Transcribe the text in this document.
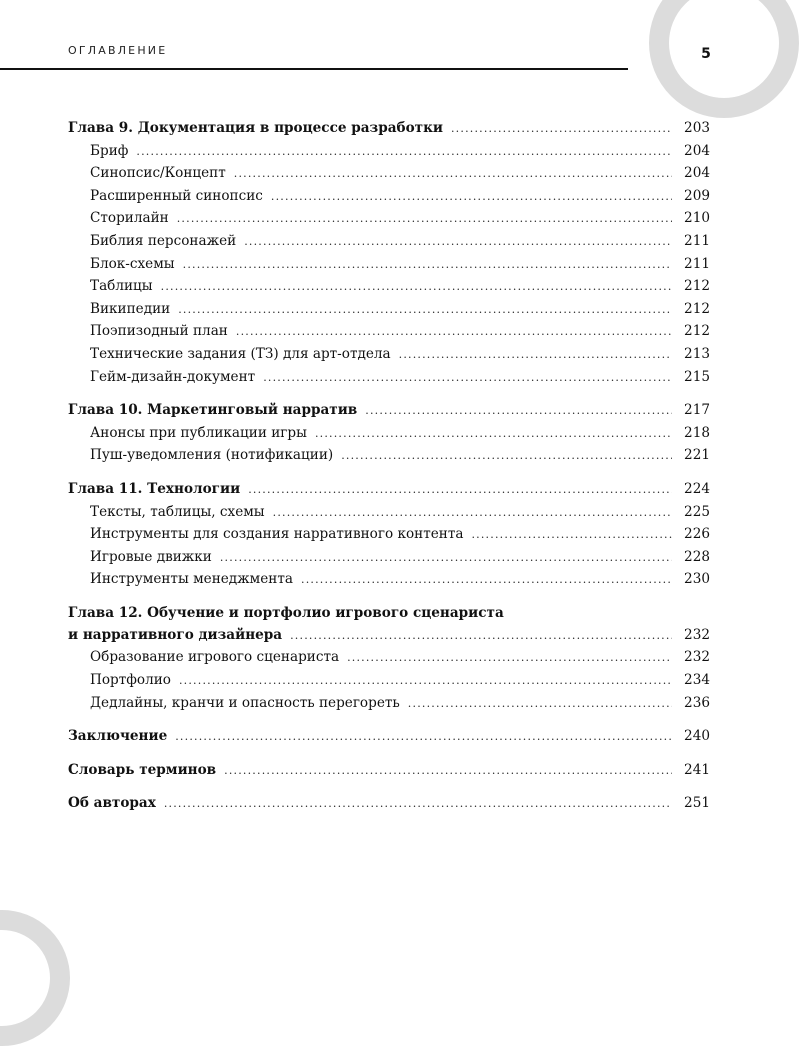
5
ОГЛАВЛЕНИЕ
Глава 9. Документация в процессе разработки .....	203
Бриф .....	204
Синопсис/Концепт .....	204
Расширенный синопсис .....	209
Сторилайн .....	210
Библия персонажей .....	211
Блок-схемы .....	211
Таблицы .....	212
Википедии .....	212
Поэпизодный план .....	212
Технические задания (ТЗ) для арт-отдела .....	213
Гейм-дизайн-документ .....	215
Глава 10. Маркетинговый нарратив .....	217
Анонсы при публикации игры .....	218
Пуш-уведомления (нотификации) .....	221
Глава 11. Технологии .....	224
Тексты, таблицы, схемы .....	225
Инструменты для создания нарративного контента .....	226
Игровые движки .....	228
Инструменты менеджмента .....	230
Глава 12. Обучение и портфолио игрового сценариста
и нарративного дизайнера .....	232
Образование игрового сценариста .....	232
Портфолио .....	234
Дедлайны, кранчи и опасность перегореть .....	236
Заключение .....	240
Словарь терминов .....	241
Об авторах .....	251
